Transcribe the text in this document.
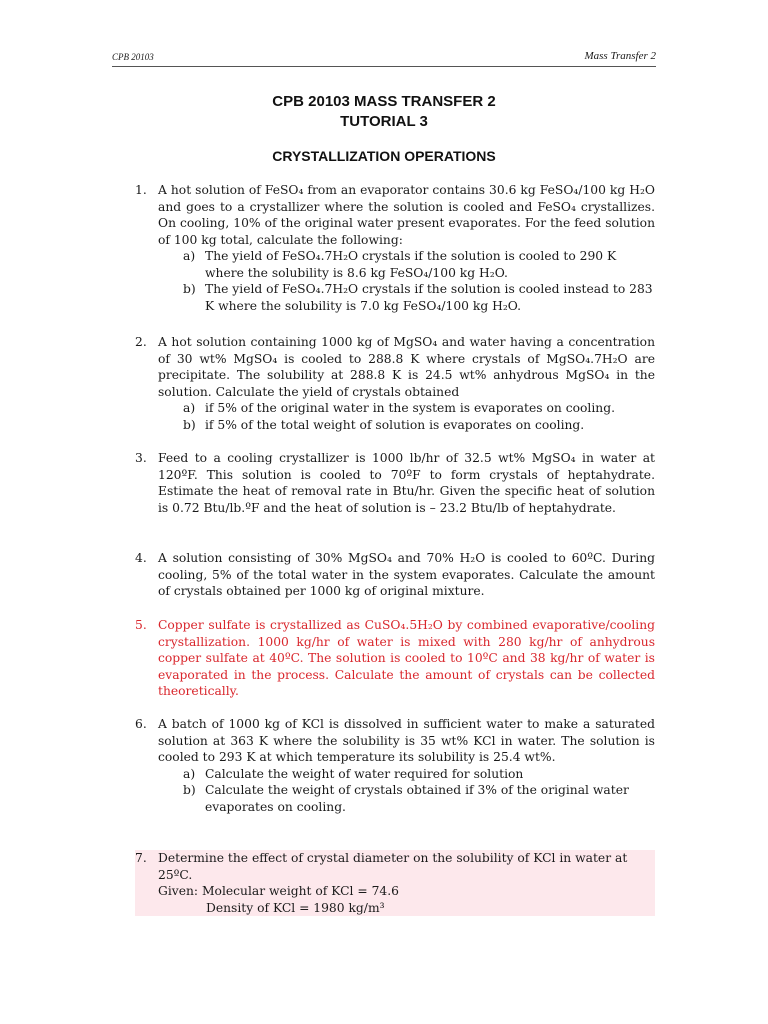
CPB 20103	Mass Transfer 2
CPB 20103 MASS TRANSFER 2
TUTORIAL 3
CRYSTALLIZATION OPERATIONS
1. A hot solution of FeSO₄ from an evaporator contains 30.6 kg FeSO₄/100 kg H₂O and goes to a crystallizer where the solution is cooled and FeSO₄ crystallizes. On cooling, 10% of the original water present evaporates. For the feed solution of 100 kg total, calculate the following:
a) The yield of FeSO₄.7H₂O crystals if the solution is cooled to 290 K where the solubility is 8.6 kg FeSO₄/100 kg H₂O.
b) The yield of FeSO₄.7H₂O crystals if the solution is cooled instead to 283 K where the solubility is 7.0 kg FeSO₄/100 kg H₂O.
2. A hot solution containing 1000 kg of MgSO₄ and water having a concentration of 30 wt% MgSO₄ is cooled to 288.8 K where crystals of MgSO₄.7H₂O are precipitate. The solubility at 288.8 K is 24.5 wt% anhydrous MgSO₄ in the solution. Calculate the yield of crystals obtained
a) if 5% of the original water in the system is evaporates on cooling.
b) if 5% of the total weight of solution is evaporates on cooling.
3. Feed to a cooling crystallizer is 1000 lb/hr of 32.5 wt% MgSO₄ in water at 120ºF. This solution is cooled to 70ºF to form crystals of heptahydrate. Estimate the heat of removal rate in Btu/hr. Given the specific heat of solution is 0.72 Btu/lb.ºF and the heat of solution is – 23.2 Btu/lb of heptahydrate.
4. A solution consisting of 30% MgSO₄ and 70% H₂O is cooled to 60ºC. During cooling, 5% of the total water in the system evaporates. Calculate the amount of crystals obtained per 1000 kg of original mixture.
5. Copper sulfate is crystallized as CuSO₄.5H₂O by combined evaporative/cooling crystallization. 1000 kg/hr of water is mixed with 280 kg/hr of anhydrous copper sulfate at 40ºC. The solution is cooled to 10ºC and 38 kg/hr of water is evaporated in the process. Calculate the amount of crystals can be collected theoretically.
6. A batch of 1000 kg of KCl is dissolved in sufficient water to make a saturated solution at 363 K where the solubility is 35 wt% KCl in water. The solution is cooled to 293 K at which temperature its solubility is 25.4 wt%.
a) Calculate the weight of water required for solution
b) Calculate the weight of crystals obtained if 3% of the original water evaporates on cooling.
7. Determine the effect of crystal diameter on the solubility of KCl in water at 25ºC.
Given: Molecular weight of KCl = 74.6
Density of KCl = 1980 kg/m³
